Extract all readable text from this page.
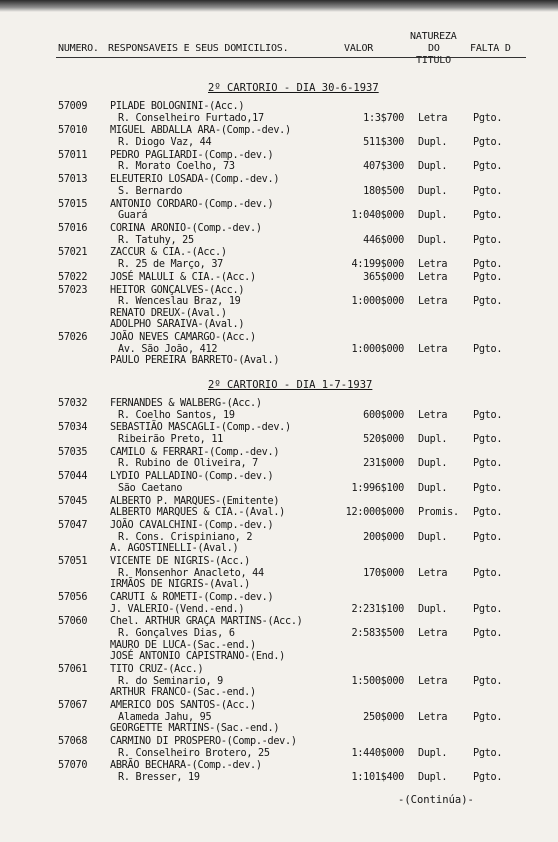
NUMERO. RESPONSAVEIS E SEUS DOMICILIOS.	VALOR
NATUREZA
DO
TITULO
FALTA D
2º CARTORIO - DIA 30-6-1937
57009 PILADE BOLOGNINI-(Acc.)
R. Conselheiro Furtado,17	1:3$700 Letra	Pgto.
57010 MIGUEL ABDALLA ARA-(Comp.-dev.)
R. Diogo Vaz, 44	511$300 Dupl.	Pgto.
57011 PEDRO PAGLIARDI-(Comp.-dev.)
R. Morato Coelho, 73	407$300 Dupl.	Pgto.
57013 ELEUTERIO LOSADA-(Comp.-dev.)
S. Bernardo	180$500 Dupl.	Pgto.
57015 ANTONIO CORDARO-(Comp.-dev.)
Guará	1:040$000 Dupl.	Pgto.
57016 CORINA ARONIO-(Comp.-dev.)
R. Tatuhy, 25	446$000 Dupl.	Pgto.
57021 ZACCUR & CIA.-(Acc.)
R. 25 de Março, 37	4:199$000 Letra	Pgto.
57022 JOSÉ MALULI & CIA.-(Acc.)	365$000 Letra	Pgto.
57023 HEITOR GONÇALVES-(Acc.)
R. Wenceslau Braz, 19
RENATO DREUX-(Aval.)
ADOLPHO SARAIVA-(Aval.)
1:000$000 Letra	Pgto.
57026 JOÃO NEVES CAMARGO-(Acc.)
Av. São João, 412
PAULO PEREIRA BARRETO-(Aval.)
1:000$000 Letra	Pgto.
2º CARTORIO - DIA 1-7-1937
57032 FERNANDES & WALBERG-(Acc.)
R. Coelho Santos, 19	600$000 Letra	Pgto.
57034 SEBASTIÃO MASCAGLI-(Comp.-dev.)
Ribeirão Preto, 11	520$000 Dupl.	Pgto.
57035 CAMILO & FERRARI-(Comp.-dev.)
R. Rubino de Oliveira, 7	231$000 Dupl.	Pgto.
57044 LYDIO PALLADINO-(Comp.-dev.)
São Caetano	1:996$100 Dupl.	Pgto.
57045 ALBERTO P. MARQUES-(Emitente)
ALBERTO MARQUES & CIA.-(Aval.)	12:000$000 Promis. Pgto.
57047 JOÃO CAVALCHINI-(Comp.-dev.)
R. Cons. Crispiniano, 2
A. AGOSTINELLI-(Aval.)
200$000 Dupl.	Pgto.
57051 VICENTE DE NIGRIS-(Acc.)
R. Monsenhor Anacleto, 44
IRMÃOS DE NIGRIS-(Aval.)
170$000 Letra	Pgto.
57056 CARUTI & ROMETI-(Comp.-dev.)
J. VALERIO-(Vend.-end.)	2:231$100 Dupl.	Pgto.
57060 Chel. ARTHUR GRAÇA MARTINS-(Acc.)
R. Gonçalves Dias, 6
MAURO DE LUCA-(Sac.-end.)
JOSÉ ANTONIO CAPISTRANO-(End.)
2:583$500 Letra	Pgto.
57061 TITO CRUZ-(Acc.)
R. do Seminario, 9
ARTHUR FRANCO-(Sac.-end.)
1:500$000 Letra	Pgto.
57067 AMERICO DOS SANTOS-(Acc.)
Alameda Jahu, 95
GEORGETTE MARTINS-(Sac.-end.)
250$000 Letra	Pgto.
57068 CARMINO DI PROSPERO-(Comp.-dev.)
R. Conselheiro Brotero, 25	1:440$000 Dupl.	Pgto.
57070 ABRÃO BECHARA-(Comp.-dev.)
R. Bresser, 19	1:101$400 Dupl.	Pgto.
-(Continúa)-
